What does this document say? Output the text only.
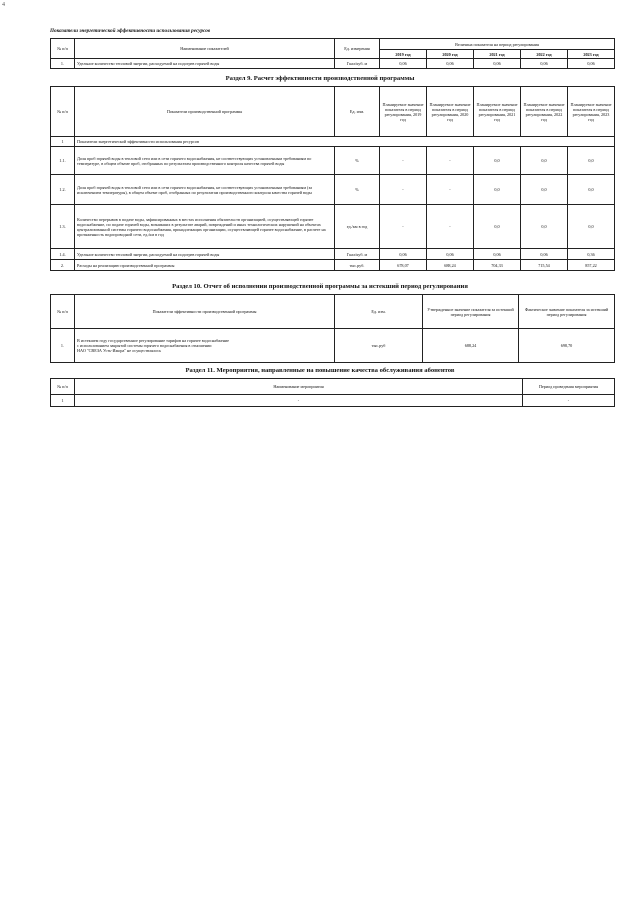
4
Показатели энергетической эффективности использования ресурсов
№ п/п	Наименование показателей	Ед. измерения	Величина показателя на период регулирования				
			2019 год	2020 год	2021 год	2022 год	2023 год
1.	Удельное количество тепловой энергии, расходуемой на подогрев горячей воды	Гкал/куб. м	0,06	0,06	0,06	0,06	0,06
Раздел 9. Расчет эффективности производственной программы
№ п/п	Показатели производственной программы	Ед. изм.	Планируемое значение показателя в период регулирования, 2019 год	Планируемое значение показателя в период регулирования, 2020 год	Планируемое значение показателя в период регулирования, 2021 год	Планируемое значение показателя в период регулирования, 2022 год	Планируемое значение показателя в период регулирования, 2023 год
1	Показатели энергетической эффективности использования ресурсов						
1.1.	Доля проб горячей воды в тепловой сети или в сети горячего водоснабжения, не соответствующих установленным требованиям по температуре, в общем объеме проб, отобранных по результатам производственного контроля качества горячей воды	%	-	-	0,0	0,0	0,0
1.2.	Доля проб горячей воды в тепловой сети или в сети горячего водоснабжения, не соответствующих установленным требованиям (за исключением температуры), в общем объеме проб, отобранных по результатам производственного контроля качества горячей воды	%	-	-	0,0	0,0	0,0
1.3.	Количество перерывов в подаче воды, зафиксированных в местах исполнения обязательств организацией, осуществляющей горячее водоснабжение, по подаче горячей воды, возникших в результате аварий, повреждений и иных технологических нарушений на объектах централизованной системы горячего водоснабжения, принадлежащих организации, осуществляющей горячее водоснабжение, в расчете на протяженность водопроводной сети, ед./км в год	ед./км в год	-	-	0,0	0,0	0,0
1.4.	Удельное количество тепловой энергии, расходуемой на подогрев горячей воды	Гкал/куб. м	0,06	0,06	0,06	0,06	0,36
2.	Расходы на реализацию производственной программы	тыс.руб.	678,07	688,24	704,33	715,54	857,22
Раздел 10. Отчет об исполнении производственной программы за истекший период регулирования
№ п/п	Показатели эффективности производственной программы	Ед. изм.	Утвержденное значение показателя за истекший период регулирования	Фактическое значение показателя за истекший период регулирования
1.	В истекшем году государственное регулирование тарифов на горячее водоснабжение
с использованием закрытой системы горячего водоснабжения в отношении
НАО "СВЕЗА Усть-Ижора" не осуществлялось	тыс.руб	688,24	698,70
Раздел 11. Мероприятия, направленные на повышение качества обслуживания абонентов
№ п/п	Наименование мероприятия	Период проведения мероприятия
1	-	-
